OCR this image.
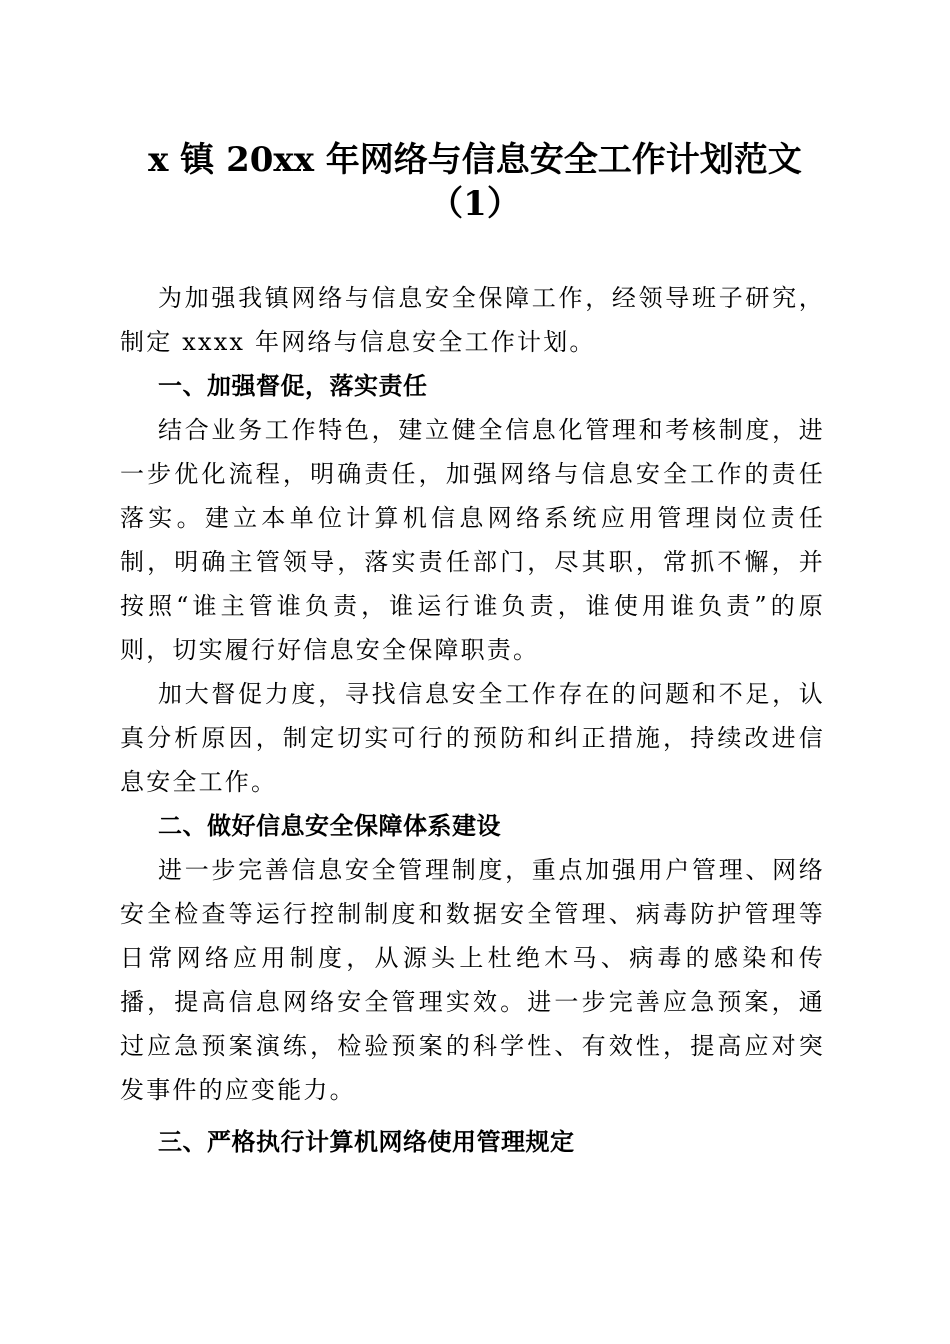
x 镇 20xx 年网络与信息安全工作计划范文
（1）

为加强我镇网络与信息安全保障工作，经领导班子研究，制定 xxxx 年网络与信息安全工作计划。

一、加强督促，落实责任

结合业务工作特色，建立健全信息化管理和考核制度，进一步优化流程，明确责任，加强网络与信息安全工作的责任落实。建立本单位计算机信息网络系统应用管理岗位责任制，明确主管领导，落实责任部门，尽其职，常抓不懈，并按照“谁主管谁负责，谁运行谁负责，谁使用谁负责”的原则，切实履行好信息安全保障职责。

加大督促力度，寻找信息安全工作存在的问题和不足，认真分析原因，制定切实可行的预防和纠正措施，持续改进信息安全工作。

二、做好信息安全保障体系建设

进一步完善信息安全管理制度，重点加强用户管理、网络安全检查等运行控制制度和数据安全管理、病毒防护管理等日常网络应用制度，从源头上杜绝木马、病毒的感染和传播，提高信息网络安全管理实效。进一步完善应急预案，通过应急预案演练，检验预案的科学性、有效性，提高应对突发事件的应变能力。

三、严格执行计算机网络使用管理规定
